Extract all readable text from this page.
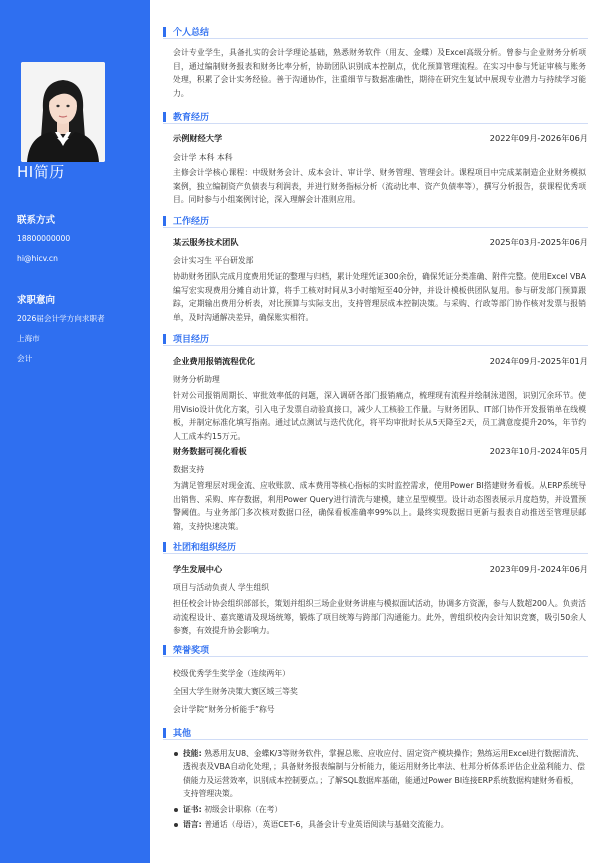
HI简历
联系方式
18800000000
hi@hicv.cn
求职意向
2026届会计学方向求职者
上海市
会计
个人总结
会计专业学生，具备扎实的会计学理论基础，熟悉财务软件（用友、金蝶）及Excel高级分析。曾参与企业财务分析项目，通过编制财务报表和财务比率分析，协助团队识别成本控制点，优化预算管理流程。在实习中参与凭证审核与账务处理，积累了会计实务经验。善于沟通协作，注重细节与数据准确性，期待在研究生复试中展现专业潜力与持续学习能力。
教育经历
示例财经大学	2022年09月-2026年06月
会计学 本科 本科
主修会计学核心课程：中级财务会计、成本会计、审计学、财务管理、管理会计。课程项目中完成某制造企业财务模拟案例，独立编制资产负债表与利润表，并进行财务指标分析（流动比率、资产负债率等），撰写分析报告，获课程优秀项目。同时参与小组案例讨论，深入理解会计准则应用。
工作经历
某云服务技术团队	2025年03月-2025年06月
会计实习生 平台研发部
协助财务团队完成月度费用凭证的整理与归档，累计处理凭证300余份，确保凭证分类准确、附件完整。使用Excel VBA编写宏实现费用分摊自动计算，将手工核对时间从3小时缩短至40分钟，并设计模板供团队复用。参与研发部门预算跟踪，定期输出费用分析表，对比预算与实际支出，支持管理层成本控制决策。与采购、行政等部门协作核对发票与报销单，及时沟通解决差异，确保账实相符。
项目经历
企业费用报销流程优化	2024年09月-2025年01月
财务分析助理
针对公司报销周期长、审批效率低的问题，深入调研各部门报销痛点，梳理现有流程并绘制泳道图，识别冗余环节。使用Visio设计优化方案，引入电子发票自动验真接口，减少人工核验工作量。与财务团队、IT部门协作开发报销单在线模板，并制定标准化填写指南。通过试点测试与迭代优化，将平均审批时长从5天降至2天，员工满意度提升20%，年节约人工成本约15万元。
财务数据可视化看板	2023年10月-2024年05月
数据支持
为满足管理层对现金流、应收账款、成本费用等核心指标的实时监控需求，使用Power BI搭建财务看板。从ERP系统导出销售、采购、库存数据，利用Power Query进行清洗与建模，建立星型模型。设计动态图表展示月度趋势，并设置预警阈值。与业务部门多次核对数据口径，确保看板准确率99%以上。最终实现数据日更新与报表自动推送至管理层邮箱，支持快速决策。
社团和组织经历
学生发展中心	2023年09月-2024年06月
项目与活动负责人 学生组织
担任校会计协会组织部部长，策划并组织三场企业财务讲座与模拟面试活动，协调多方资源，参与人数超200人。负责活动流程设计、嘉宾邀请及现场统筹，锻炼了项目统筹与跨部门沟通能力。此外，曾组织校内会计知识竞赛，吸引50余人参赛，有效提升协会影响力。
荣誉奖项
校级优秀学生奖学金（连续两年）
全国大学生财务决策大赛区域三等奖
会计学院“财务分析能手”称号
其他
技能: 熟悉用友U8、金蝶K/3等财务软件，掌握总账、应收应付、固定资产模块操作；熟练运用Excel进行数据清洗、透视表及VBA自动化处理，；具备财务报表编制与分析能力，能运用财务比率法、杜邦分析体系评估企业盈利能力、偿债能力及运营效率，识别成本控制要点。；了解SQL数据库基础，能通过Power BI连接ERP系统数据构建财务看板，支持管理决策。
证书: 初级会计职称（在考）
语言: 普通话（母语），英语CET-6，具备会计专业英语阅读与基础交流能力。
